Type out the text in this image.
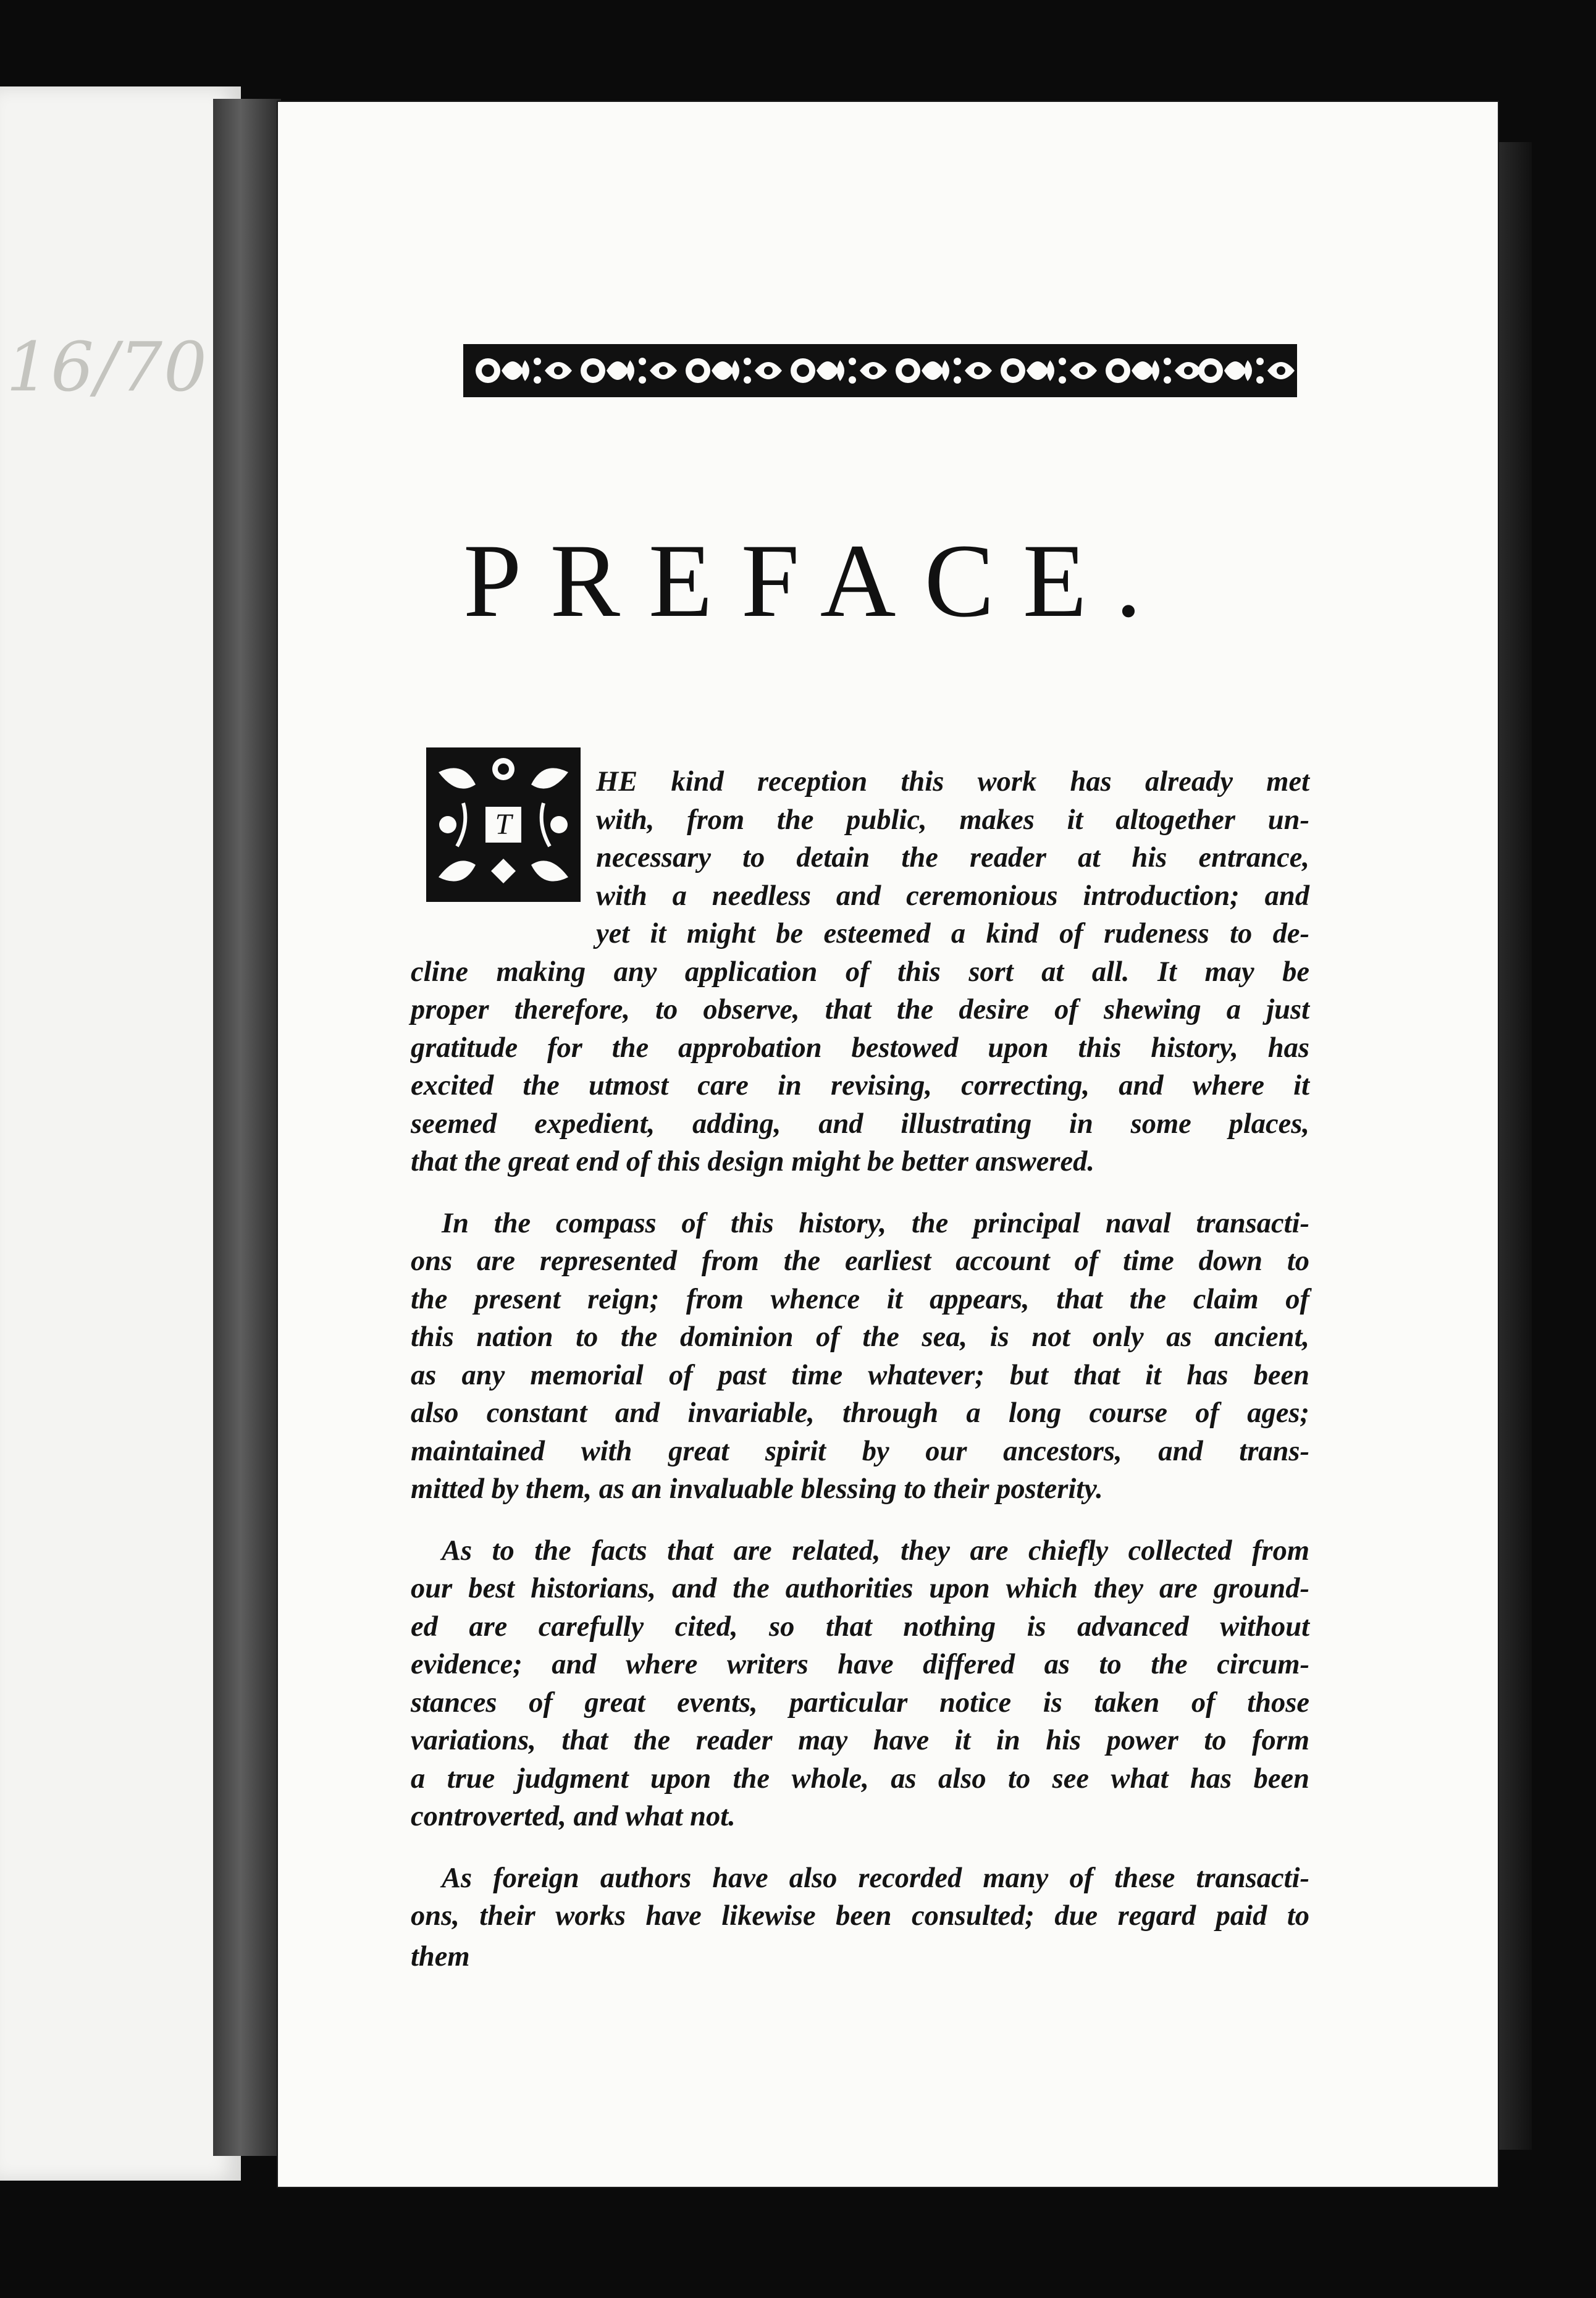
16/70
PREFACE.
T
HE kind reception this work has already met
with, from the public, makes it altogether un-
necessary to detain the reader at his entrance,
with a needless and ceremonious introduction; and
yet it might be esteemed a kind of rudeness to de-
cline making any application of this sort at all. It may be
proper therefore, to observe, that the desire of shewing a just
gratitude for the approbation bestowed upon this history, has
excited the utmost care in revising, correcting, and where it
seemed expedient, adding, and illustrating in some places,
that the great end of this design might be better answered.
In the compass of this history, the principal naval transacti-
ons are represented from the earliest account of time down to
the present reign; from whence it appears, that the claim of
this nation to the dominion of the sea, is not only as ancient,
as any memorial of past time whatever; but that it has been
also constant and invariable, through a long course of ages;
maintained with great spirit by our ancestors, and trans-
mitted by them, as an invaluable blessing to their posterity.
As to the facts that are related, they are chiefly collected from
our best historians, and the authorities upon which they are ground-
ed are carefully cited, so that nothing is advanced without
evidence; and where writers have differed as to the circum-
stances of great events, particular notice is taken of those
variations, that the reader may have it in his power to form
a true judgment upon the whole, as also to see what has been
controverted, and what not.
As foreign authors have also recorded many of these transacti-
ons, their works have likewise been consulted; due regard paid to
them
